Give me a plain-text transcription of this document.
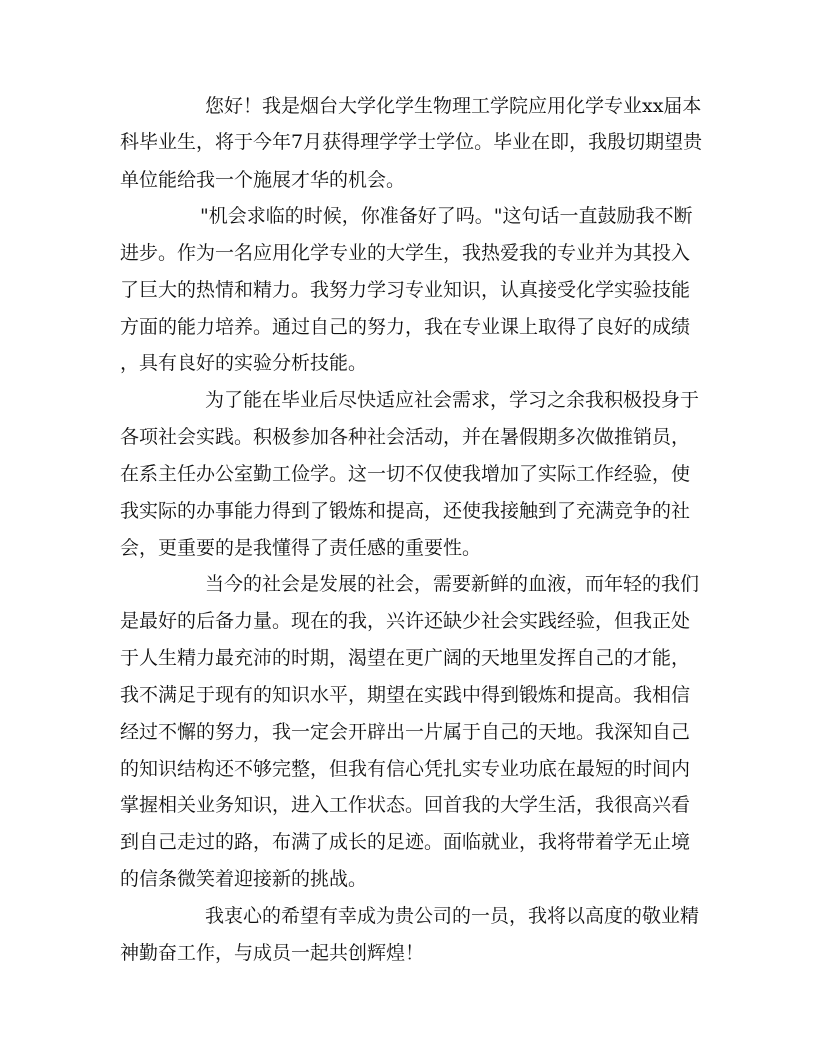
您好！我是烟台大学化学生物理工学院应用化学专业xx届本
科毕业生，将于今年7月获得理学学士学位。毕业在即，我殷切期望贵
单位能给我一个施展才华的机会。
"机会求临的时候，你准备好了吗。"这句话一直鼓励我不断
进步。作为一名应用化学专业的大学生，我热爱我的专业并为其投入
了巨大的热情和精力。我努力学习专业知识，认真接受化学实验技能
方面的能力培养。通过自己的努力，我在专业课上取得了良好的成绩
，具有良好的实验分析技能。
为了能在毕业后尽快适应社会需求，学习之余我积极投身于
各项社会实践。积极参加各种社会活动，并在暑假期多次做推销员，
在系主任办公室勤工俭学。这一切不仅使我增加了实际工作经验，使
我实际的办事能力得到了锻炼和提高，还使我接触到了充满竞争的社
会，更重要的是我懂得了责任感的重要性。
当今的社会是发展的社会，需要新鲜的血液，而年轻的我们
是最好的后备力量。现在的我，兴许还缺少社会实践经验，但我正处
于人生精力最充沛的时期，渴望在更广阔的天地里发挥自己的才能，
我不满足于现有的知识水平，期望在实践中得到锻炼和提高。我相信
经过不懈的努力，我一定会开辟出一片属于自己的天地。我深知自己
的知识结构还不够完整，但我有信心凭扎实专业功底在最短的时间内
掌握相关业务知识，进入工作状态。回首我的大学生活，我很高兴看
到自己走过的路，布满了成长的足迹。面临就业，我将带着学无止境
的信条微笑着迎接新的挑战。
我衷心的希望有幸成为贵公司的一员，我将以高度的敬业精
神勤奋工作，与成员一起共创辉煌！
